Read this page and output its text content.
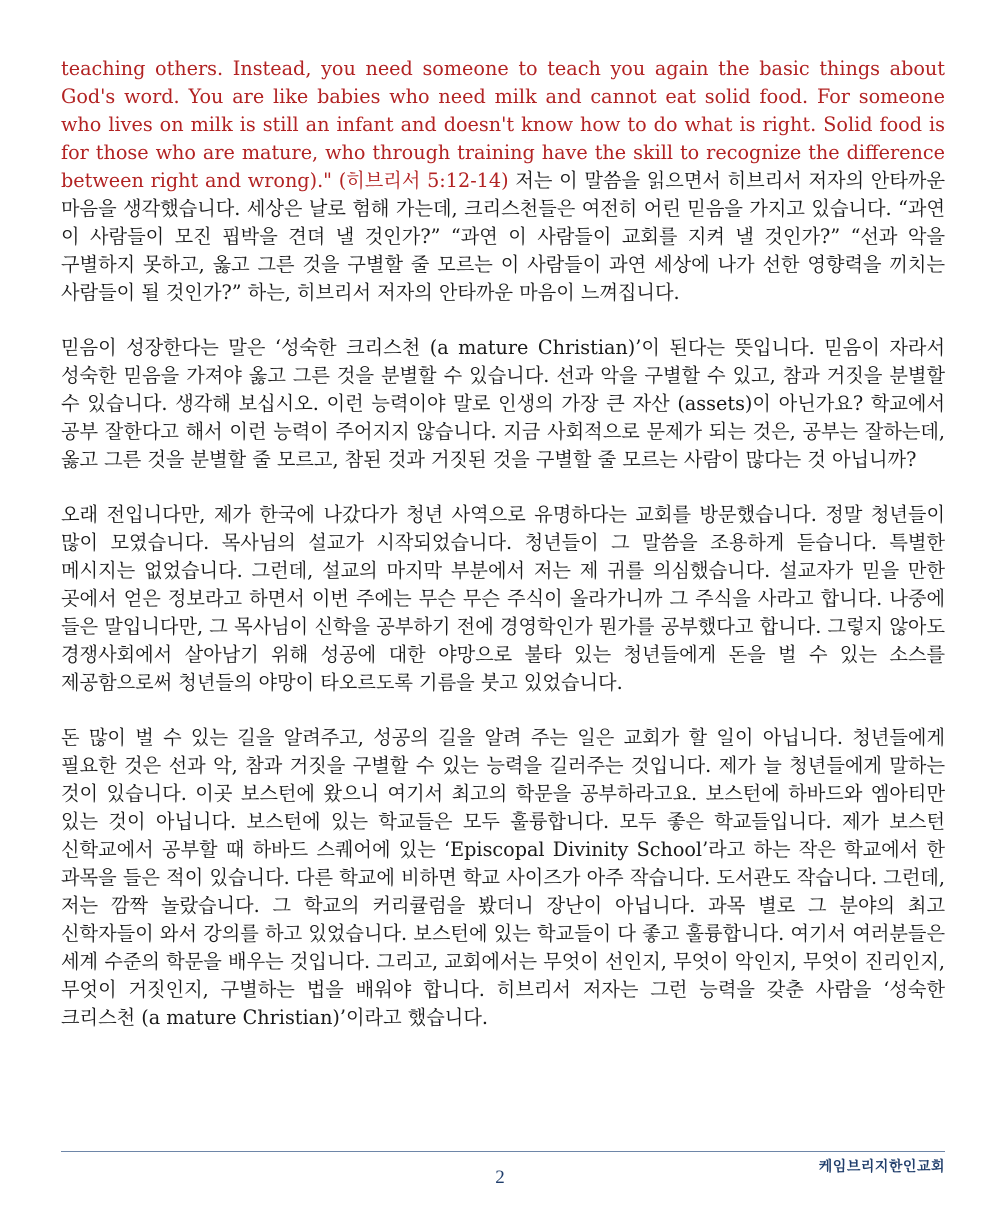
teaching others. Instead, you need someone to teach you again the basic things about God's word. You are like babies who need milk and cannot eat solid food. For someone who lives on milk is still an infant and doesn't know how to do what is right. Solid food is for those who are mature, who through training have the skill to recognize the difference between right and wrong)." (히브리서 5:12-14) 저는 이 말씀을 읽으면서 히브리서 저자의 안타까운 마음을 생각했습니다. 세상은 날로 험해 가는데, 크리스천들은 여전히 어린 믿음을 가지고 있습니다. “과연 이 사람들이 모진 핍박을 견뎌 낼 것인가?” “과연 이 사람들이 교회를 지켜 낼 것인가?” “선과 악을 구별하지 못하고, 옳고 그른 것을 구별할 줄 모르는 이 사람들이 과연 세상에 나가 선한 영향력을 끼치는 사람들이 될 것인가?” 하는, 히브리서 저자의 안타까운 마음이 느껴집니다.

믿음이 성장한다는 말은 ‘성숙한 크리스천 (a mature Christian)’이 된다는 뜻입니다. 믿음이 자라서 성숙한 믿음을 가져야 옳고 그른 것을 분별할 수 있습니다. 선과 악을 구별할 수 있고, 참과 거짓을 분별할 수 있습니다. 생각해 보십시오. 이런 능력이야 말로 인생의 가장 큰 자산 (assets)이 아닌가요? 학교에서 공부 잘한다고 해서 이런 능력이 주어지지 않습니다. 지금 사회적으로 문제가 되는 것은, 공부는 잘하는데, 옳고 그른 것을 분별할 줄 모르고, 참된 것과 거짓된 것을 구별할 줄 모르는 사람이 많다는 것 아닙니까?

오래 전입니다만, 제가 한국에 나갔다가 청년 사역으로 유명하다는 교회를 방문했습니다. 정말 청년들이 많이 모였습니다. 목사님의 설교가 시작되었습니다. 청년들이 그 말씀을 조용하게 듣습니다. 특별한 메시지는 없었습니다. 그런데, 설교의 마지막 부분에서 저는 제 귀를 의심했습니다. 설교자가 믿을 만한 곳에서 얻은 정보라고 하면서 이번 주에는 무슨 무슨 주식이 올라가니까 그 주식을 사라고 합니다. 나중에 들은 말입니다만, 그 목사님이 신학을 공부하기 전에 경영학인가 뭔가를 공부했다고 합니다. 그렇지 않아도 경쟁사회에서 살아남기 위해 성공에 대한 야망으로 불타 있는 청년들에게 돈을 벌 수 있는 소스를 제공함으로써 청년들의 야망이 타오르도록 기름을 붓고 있었습니다.

돈 많이 벌 수 있는 길을 알려주고, 성공의 길을 알려 주는 일은 교회가 할 일이 아닙니다. 청년들에게 필요한 것은 선과 악, 참과 거짓을 구별할 수 있는 능력을 길러주는 것입니다. 제가 늘 청년들에게 말하는 것이 있습니다. 이곳 보스턴에 왔으니 여기서 최고의 학문을 공부하라고요. 보스턴에 하바드와 엠아티만 있는 것이 아닙니다. 보스턴에 있는 학교들은 모두 훌륭합니다. 모두 좋은 학교들입니다. 제가 보스턴 신학교에서 공부할 때 하바드 스퀘어에 있는 ‘Episcopal Divinity School’라고 하는 작은 학교에서 한 과목을 들은 적이 있습니다. 다른 학교에 비하면 학교 사이즈가 아주 작습니다. 도서관도 작습니다. 그런데, 저는 깜짝 놀랐습니다. 그 학교의 커리큘럼을 봤더니 장난이 아닙니다. 과목 별로 그 분야의 최고 신학자들이 와서 강의를 하고 있었습니다. 보스턴에 있는 학교들이 다 좋고 훌륭합니다. 여기서 여러분들은 세계 수준의 학문을 배우는 것입니다. 그리고, 교회에서는 무엇이 선인지, 무엇이 악인지, 무엇이 진리인지, 무엇이 거짓인지, 구별하는 법을 배워야 합니다. 히브리서 저자는 그런 능력을 갖춘 사람을 ‘성숙한 크리스천 (a mature Christian)’이라고 했습니다.

2	케임브리지한인교회
